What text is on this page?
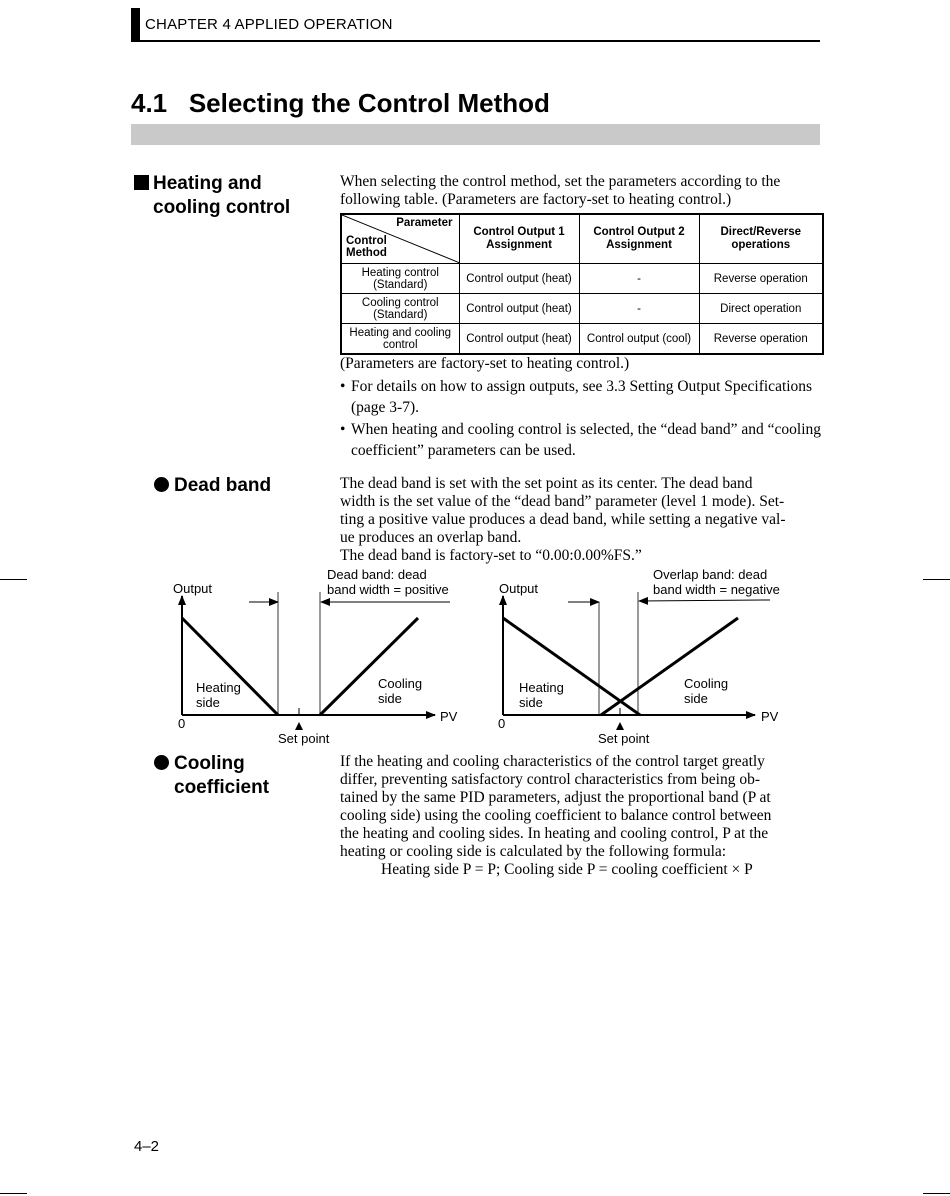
CHAPTER 4 APPLIED OPERATION
4.1   Selecting the Control Method
Heating and
cooling control
When selecting the control method, set the parameters according to the following table. (Parameters are factory-set to heating control.)
Parameter
Control
Method	Control Output 1 Assignment	Control Output 2 Assignment	Direct/Reverse operations
Heating control (Standard)	Control output (heat)	-	Reverse operation
Cooling control (Standard)	Control output (heat)	-	Direct operation
Heating and cooling control	Control output (heat)	Control output (cool)	Reverse operation
(Parameters are factory-set to heating control.)
• For details on how to assign outputs, see 3.3 Setting Output Specifications (page 3-7).
• When heating and cooling control is selected, the “dead band” and “cooling coefficient” parameters can be used.
Dead band	The dead band is set with the set point as its center. The dead band

width is the set value of the “dead band” parameter (level 1 mode). Set-

ting a positive value produces a dead band, while setting a negative val-

ue produces an overlap band.

The dead band is factory-set to “0.00:0.00%FS.”

Output
Dead band: dead
band width = positive
Heating
side
Cooling
side
0	PV
Set point
Output
Overlap band: dead
band width = negative
Heating
side
Cooling
side
0	PV
Set point
Cooling
coefficient

If the heating and cooling characteristics of the control target greatly

differ, preventing satisfactory control characteristics from being ob-

tained by the same PID parameters, adjust the proportional band (P at

cooling side) using the cooling coefficient to balance control between

the heating and cooling sides. In heating and cooling control, P at the

heating or cooling side is calculated by the following formula:

Heating side P = P; Cooling side P = cooling coefficient × P

4–2
